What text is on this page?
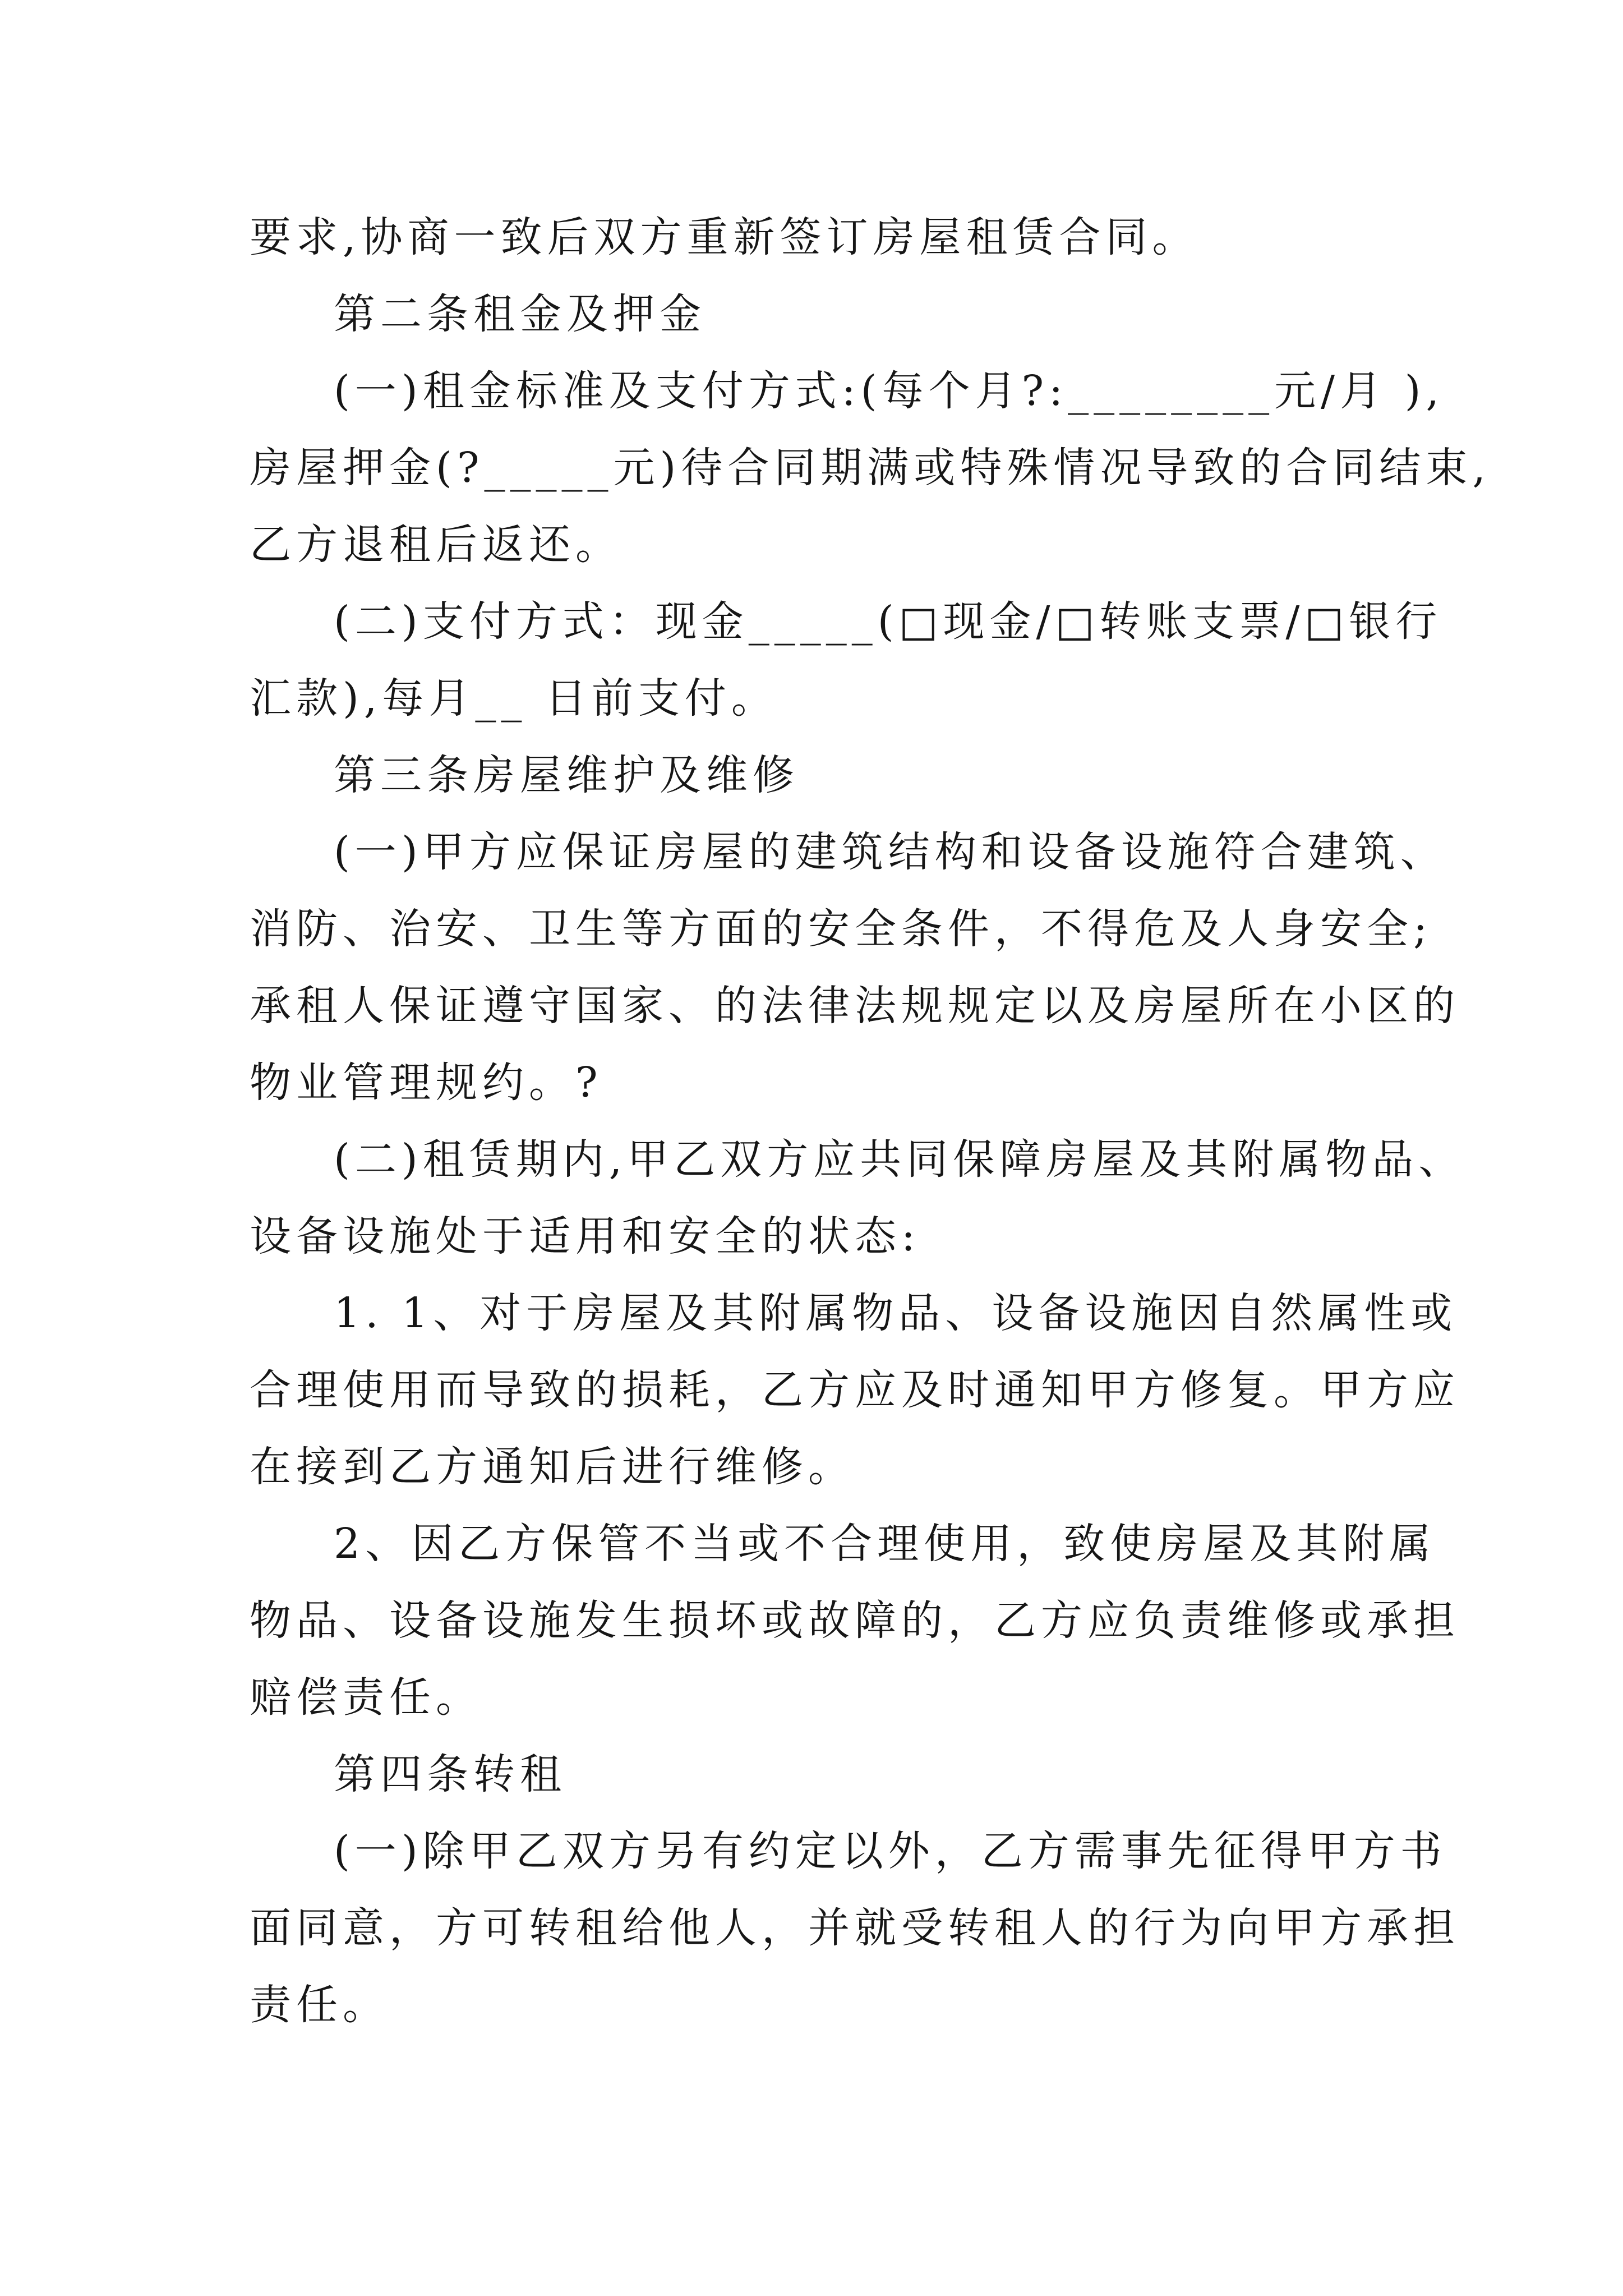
要求,协商一致后双方重新签订房屋租赁合同。
第二条租金及押金
(一)租金标准及支付方式:(每个月?:________元/月 ),
房屋押金(?_____元)待合同期满或特殊情况导致的合同结束,
乙方退租后返还。
(二)支付方式：现金_____(□现金/□转账支票/□银行
汇款),每月__ 日前支付。
第三条房屋维护及维修
(一)甲方应保证房屋的建筑结构和设备设施符合建筑、
消防、治安、卫生等方面的安全条件，不得危及人身安全;
承租人保证遵守国家、的法律法规规定以及房屋所在小区的
物业管理规约。?
(二)租赁期内,甲乙双方应共同保障房屋及其附属物品、
设备设施处于适用和安全的状态:
1. 1、对于房屋及其附属物品、设备设施因自然属性或
合理使用而导致的损耗，乙方应及时通知甲方修复。甲方应
在接到乙方通知后进行维修。
2、因乙方保管不当或不合理使用，致使房屋及其附属
物品、设备设施发生损坏或故障的，乙方应负责维修或承担
赔偿责任。
第四条转租
(一)除甲乙双方另有约定以外，乙方需事先征得甲方书
面同意，方可转租给他人，并就受转租人的行为向甲方承担
责任。
